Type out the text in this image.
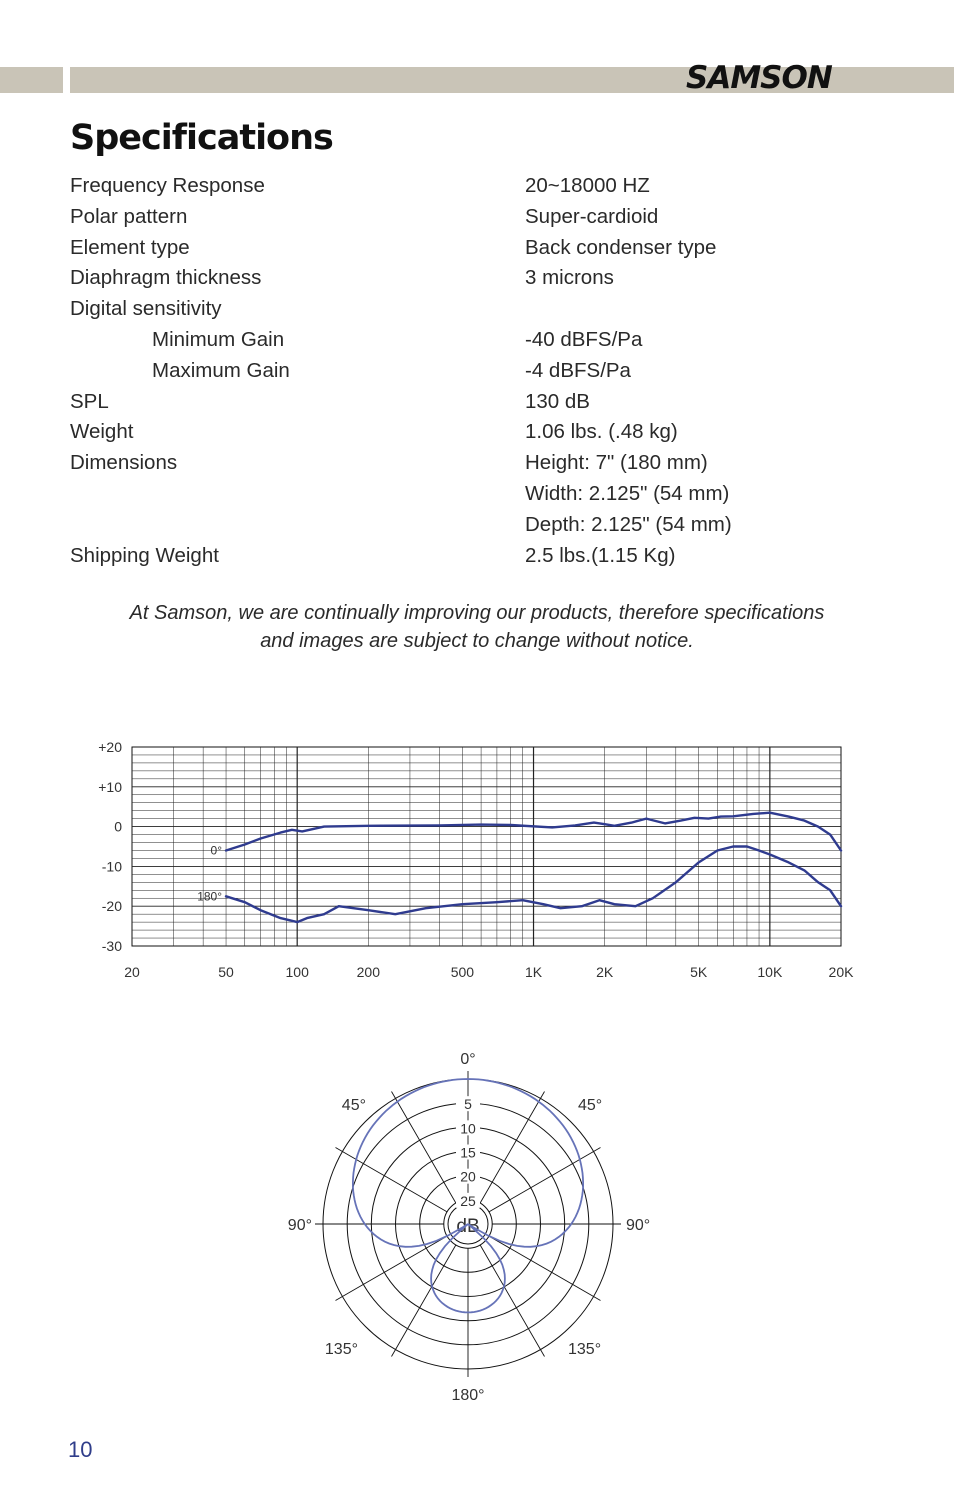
SAMSON
Specifications
Frequency Response	20~18000 HZ
Polar pattern	Super-cardioid
Element type	Back condenser type
Diaphragm thickness	3 microns
Digital sensitivity
Minimum Gain	-40 dBFS/Pa
Maximum Gain	-4 dBFS/Pa
SPL	130 dB
Weight	1.06 lbs. (.48 kg)
Dimensions	Height: 7" (180 mm)
Width: 2.125" (54 mm)
Depth: 2.125" (54 mm)
Shipping Weight	2.5 lbs.(1.15 Kg)
At Samson, we are continually improving our products, therefore specifications
and images are subject to change without notice.
+20
+10
0
-10
-20
-30
20	50	100	200	500	1K	2K	5K	10K	20K
0°
180°
dB
5
10
15
20
25
0°
45°	45°
90°	90°
135°	135°
180°
10
